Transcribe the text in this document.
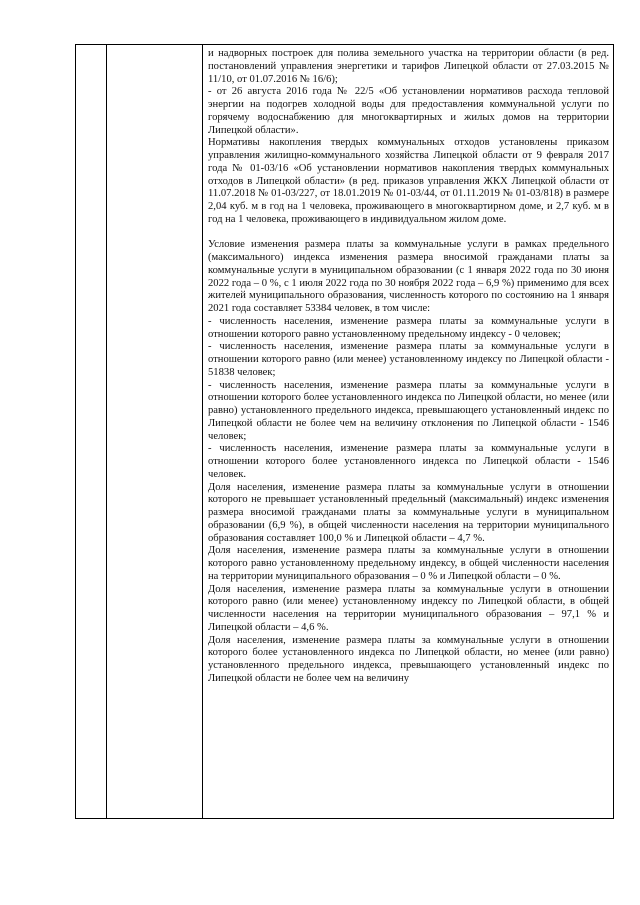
и надворных построек для полива земельного участка на территории области (в ред. постановлений управления энергетики и тарифов Липецкой области от 27.03.2015 № 11/10, от 01.07.2016 № 16/6);

- от 26 августа 2016 года № 22/5 «Об установлении нормативов расхода тепловой энергии на подогрев холодной воды для предоставления коммунальной услуги по горячему водоснабжению для многоквартирных и жилых домов на территории Липецкой области».

Нормативы накопления твердых коммунальных отходов установлены приказом управления жилищно-коммунального хозяйства Липецкой области от 9 февраля 2017 года № 01-03/16 «Об установлении нормативов накопления твердых коммунальных отходов в Липецкой области» (в ред. приказов управления ЖКХ Липецкой области от 11.07.2018 № 01-03/227, от 18.01.2019 № 01-03/44, от 01.11.2019 № 01-03/818) в размере 2,04 куб. м в год на 1 человека, проживающего в многоквартирном доме, и 2,7 куб. м в год на 1 человека, проживающего в индивидуальном жилом доме.

Условие изменения размера платы за коммунальные услуги в рамках предельного (максимального) индекса изменения размера вносимой гражданами платы за коммунальные услуги в муниципальном образовании (с 1 января 2022 года по 30 июня 2022 года – 0 %, с 1 июля 2022 года по 30 ноября 2022 года – 6,9 %) применимо для всех жителей муниципального образования, численность которого по состоянию на 1 января 2021 года составляет 53384 человек, в том числе:

- численность населения, изменение размера платы за коммунальные услуги в отношении которого равно установленному предельному индексу - 0 человек;

- численность населения, изменение размера платы за коммунальные услуги в отношении которого равно (или менее) установленному индексу по Липецкой области - 51838 человек;

- численность населения, изменение размера платы за коммунальные услуги в отношении которого более установленного индекса по Липецкой области, но менее (или равно) установленного предельного индекса, превышающего установленный индекс по Липецкой области не более чем на величину отклонения по Липецкой области - 1546 человек;

- численность населения, изменение размера платы за коммунальные услуги в отношении которого более установленного индекса по Липецкой области - 1546 человек.

Доля населения, изменение размера платы за коммунальные услуги в отношении которого не превышает установленный предельный (максимальный) индекс изменения размера вносимой гражданами платы за коммунальные услуги в муниципальном образовании (6,9 %), в общей численности населения на территории муниципального образования составляет 100,0 % и Липецкой области – 4,7 %.

Доля населения, изменение размера платы за коммунальные услуги в отношении которого равно установленному предельному индексу, в общей численности населения на территории муниципального образования – 0 % и Липецкой области – 0 %.

Доля населения, изменение размера платы за коммунальные услуги в отношении которого равно (или менее) установленному индексу по Липецкой области, в общей численности населения на территории муниципального образования – 97,1 % и Липецкой области – 4,6 %.

Доля населения, изменение размера платы за коммунальные услуги в отношении которого более установленного индекса по Липецкой области, но менее (или равно) установленного предельного индекса, превышающего установленный индекс по Липецкой области не более чем на величину
